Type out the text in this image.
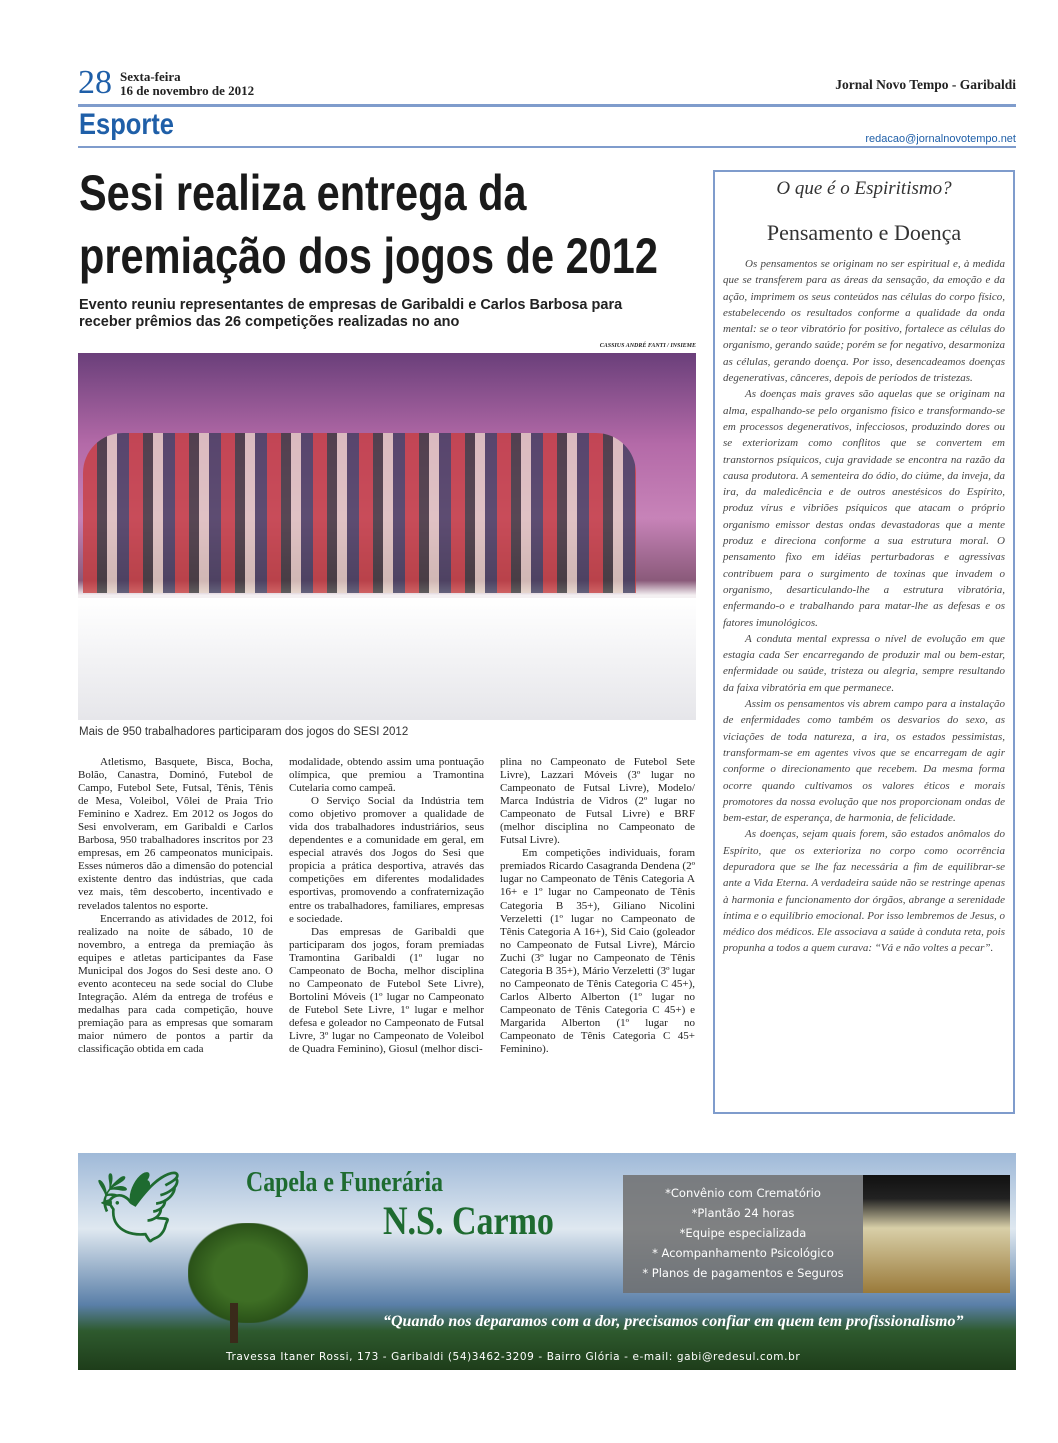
28 Sexta-feira
16 de novembro de 2012	Jornal Novo Tempo - Garibaldi
Esporte	redacao@jornalnovotempo.net
Sesi realiza entrega da
premiação dos jogos de 2012
Evento reuniu representantes de empresas de Garibaldi e Carlos Barbosa para receber prêmios das 26 competições realizadas no ano
CASSIUS ANDRÉ FANTI / INSIEME
Mais de 950 trabalhadores participaram dos jogos do SESI 2012

Atletismo, Basquete, Bisca, Bocha, Bolão, Canastra, Dominó, Futebol de Campo, Futebol Sete, Futsal, Tênis, Tênis de Mesa, Voleibol, Vôlei de Praia Trio Feminino e Xadrez. Em 2012 os Jogos do Sesi envolveram, em Garibaldi e Carlos Barbosa, 950 trabalhadores inscritos por 23 empresas, em 26 campeonatos municipais. Esses números dão a dimensão do potencial existente dentro das indústrias, que cada vez mais, têm descoberto, incentivado e revelados talentos no esporte.

Encerrando as atividades de 2012, foi realizado na noite de sábado, 10 de novembro, a entrega da premiação às equipes e atletas participantes da Fase Municipal dos Jogos do Sesi deste ano. O evento aconteceu na sede social do Clube Integração. Além da entrega de troféus e medalhas para cada competição, houve premiação para as empresas que somaram maior número de pontos a partir da classificação obtida em cada

modalidade, obtendo assim uma pontuação olímpica, que premiou a Tramontina Cutelaria como campeã.

O Serviço Social da Indústria tem como objetivo promover a qualidade de vida dos trabalhadores industriários, seus dependentes e a comunidade em geral, em especial através dos Jogos do Sesi que propicia a prática desportiva, através das competições em diferentes modalidades esportivas, promovendo a confraternização entre os trabalhadores, familiares, empresas e sociedade.

Das empresas de Garibaldi que participaram dos jogos, foram premiadas Tramontina Garibaldi (1º lugar no Campeonato de Bocha, melhor disciplina no Campeonato de Futebol Sete Livre), Bortolini Móveis (1º lugar no Campeonato de Futebol Sete Livre, 1º lugar e melhor defesa e goleador no Campeonato de Futsal Livre, 3º lugar no Campeonato de Voleibol de Quadra Feminino), Giosul (melhor disci-

plina no Campeonato de Futebol Sete Livre), Lazzari Móveis (3º lugar no Campeonato de Futsal Livre), Modelo/ Marca Indústria de Vidros (2º lugar no Campeonato de Futsal Livre) e BRF (melhor disciplina no Campeonato de Futsal Livre).

Em competições individuais, foram premiados Ricardo Casagranda Dendena (2º lugar no Campeonato de Tênis Categoria A 16+ e 1º lugar no Campeonato de Tênis Categoria B 35+), Giliano Nicolini Verzeletti (1º lugar no Campeonato de Tênis Categoria A 16+), Sid Caio (goleador no Campeonato de Futsal Livre), Márcio Zuchi (3º lugar no Campeonato de Tênis Categoria B 35+), Mário Verzeletti (3º lugar no Campeonato de Tênis Categoria C 45+), Carlos Alberto Alberton (1º lugar no Campeonato de Tênis Categoria C 45+) e Margarida Alberton (1º lugar no Campeonato de Tênis Categoria C 45+ Feminino).

O que é o Espiritismo?
Pensamento e Doença

Os pensamentos se originam no ser espiritual e, à medida que se transferem para as áreas da sensação, da emoção e da ação, imprimem os seus conteúdos nas células do corpo físico, estabelecendo os resultados conforme a qualidade da onda mental: se o teor vibratório for positivo, fortalece as células do organismo, gerando saúde; porém se for negativo, desarmoniza as células, gerando doença. Por isso, desencadeamos doenças degenerativas, cânceres, depois de períodos de tristezas.

As doenças mais graves são aquelas que se originam na alma, espalhando-se pelo organismo físico e transformando-se em processos degenerativos, infecciosos, produzindo dores ou se exteriorizam como conflitos que se convertem em transtornos psíquicos, cuja gravidade se encontra na razão da causa produtora. A sementeira do ódio, do ciúme, da inveja, da ira, da maledicência e de outros anestésicos do Espírito, produz vírus e vibriões psíquicos que atacam o próprio organismo emissor destas ondas devastadoras que a mente produz e direciona conforme a sua estrutura moral. O pensamento fixo em idéias perturbadoras e agressivas contribuem para o surgimento de toxinas que invadem o organismo, desarticulando-lhe a estrutura vibratória, enfermando-o e trabalhando para matar-lhe as defesas e os fatores imunológicos.

A conduta mental expressa o nível de evolução em que estagia cada Ser encarregando de produzir mal ou bem-estar, enfermidade ou saúde, tristeza ou alegria, sempre resultando da faixa vibratória em que permanece.

Assim os pensamentos vis abrem campo para a instalação de enfermidades como também os desvarios do sexo, as viciações de toda natureza, a ira, os estados pessimistas, transformam-se em agentes vivos que se encarregam de agir conforme o direcionamento que recebem. Da mesma forma ocorre quando cultivamos os valores éticos e morais promotores da nossa evolução que nos proporcionam ondas de bem-estar, de esperança, de harmonia, de felicidade.

As doenças, sejam quais forem, são estados anômalos do Espírito, que os exterioriza no corpo como ocorrência depuradora que se lhe faz necessária a fim de equilibrar-se ante a Vida Eterna. A verdadeira saúde não se restringe apenas à harmonia e funcionamento dor órgãos, abrange a serenidade íntima e o equilíbrio emocional. Por isso lembremos de Jesus, o médico dos médicos. Ele associava a saúde à conduta reta, pois propunha a todos a quem curava: “Vá e não voltes a pecar”.

🕊 Capela e Funerária
N.S. Carmo
*Convênio com Crematório
*Plantão 24 horas
*Equipe especializada
* Acompanhamento Psicológico
* Planos de pagamentos e Seguros
“Quando nos deparamos com a dor, precisamos confiar em quem tem profissionalismo”
Travessa Itaner Rossi, 173 - Garibaldi (54)3462-3209 - Bairro Glória - e-mail: gabi@redesul.com.br
